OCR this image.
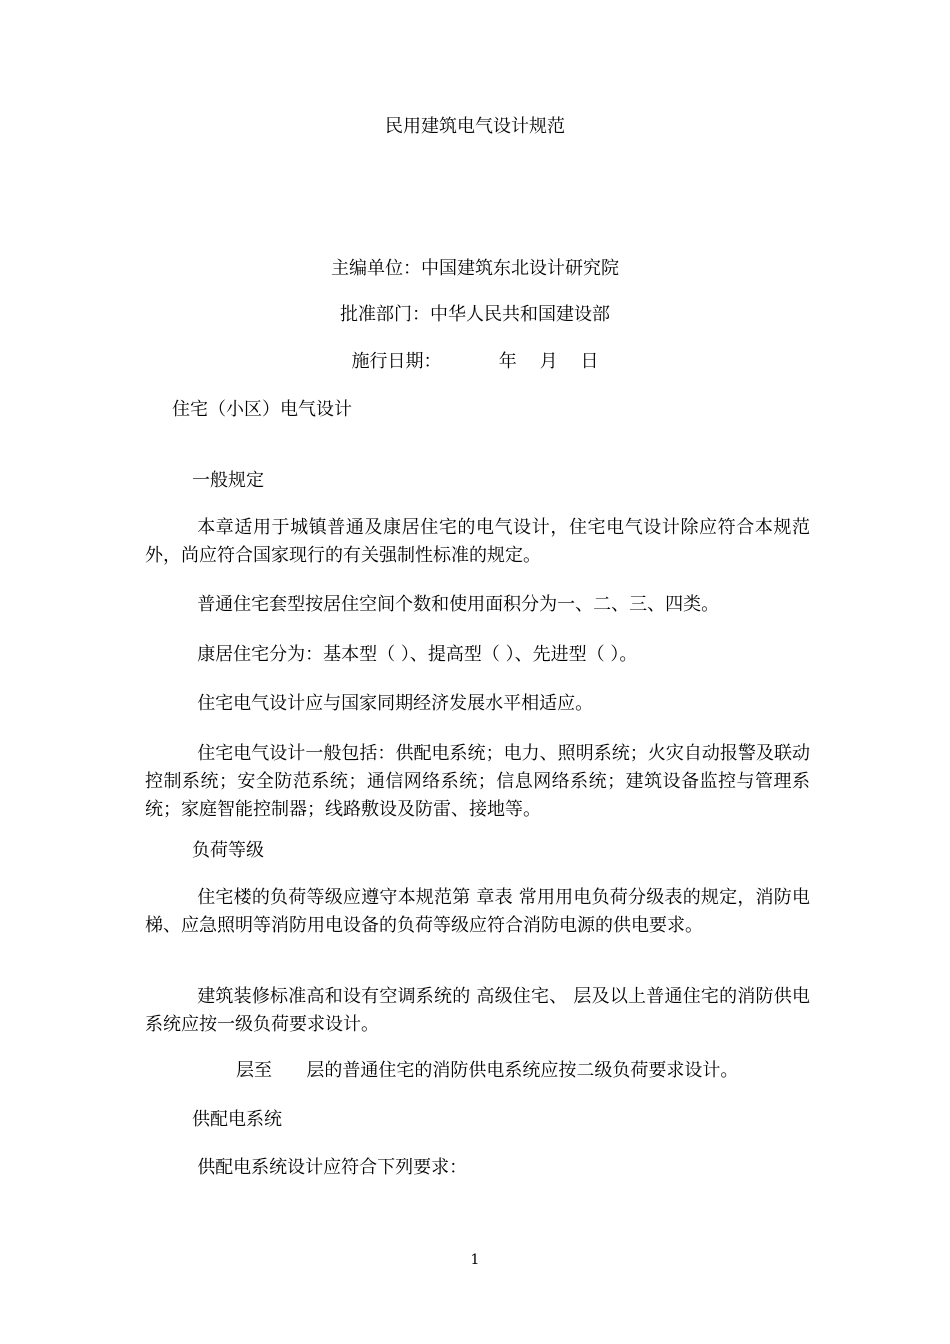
民用建筑电气设计规范

主编单位：中国建筑东北设计研究院

批准部门：中华人民共和国建设部

施行日期：          年    月    日

住宅（小区）电气设计

一般规定

本章适用于城镇普通及康居住宅的电气设计，住宅电气设计除应符合本规范外，尚应符合国家现行的有关强制性标准的规定。

普通住宅套型按居住空间个数和使用面积分为一、二、三、四类。

康居住宅分为：基本型（ ）、提高型（ ）、先进型（ ）。

住宅电气设计应与国家同期经济发展水平相适应。

住宅电气设计一般包括：供配电系统；电力、照明系统；火灾自动报警及联动控制系统；安全防范系统；通信网络系统；信息网络系统；建筑设备监控与管理系统；家庭智能控制器；线路敷设及防雷、接地等。

负荷等级

住宅楼的负荷等级应遵守本规范第 章表 常用用电负荷分级表的规定，消防电梯、应急照明等消防用电设备的负荷等级应符合消防电源的供电要求。

建筑装修标准高和设有空调系统的 高级住宅、 层及以上普通住宅的消防供电系统应按一级负荷要求设计。

层至      层的普通住宅的消防供电系统应按二级负荷要求设计。

供配电系统

供配电系统设计应符合下列要求：

1
